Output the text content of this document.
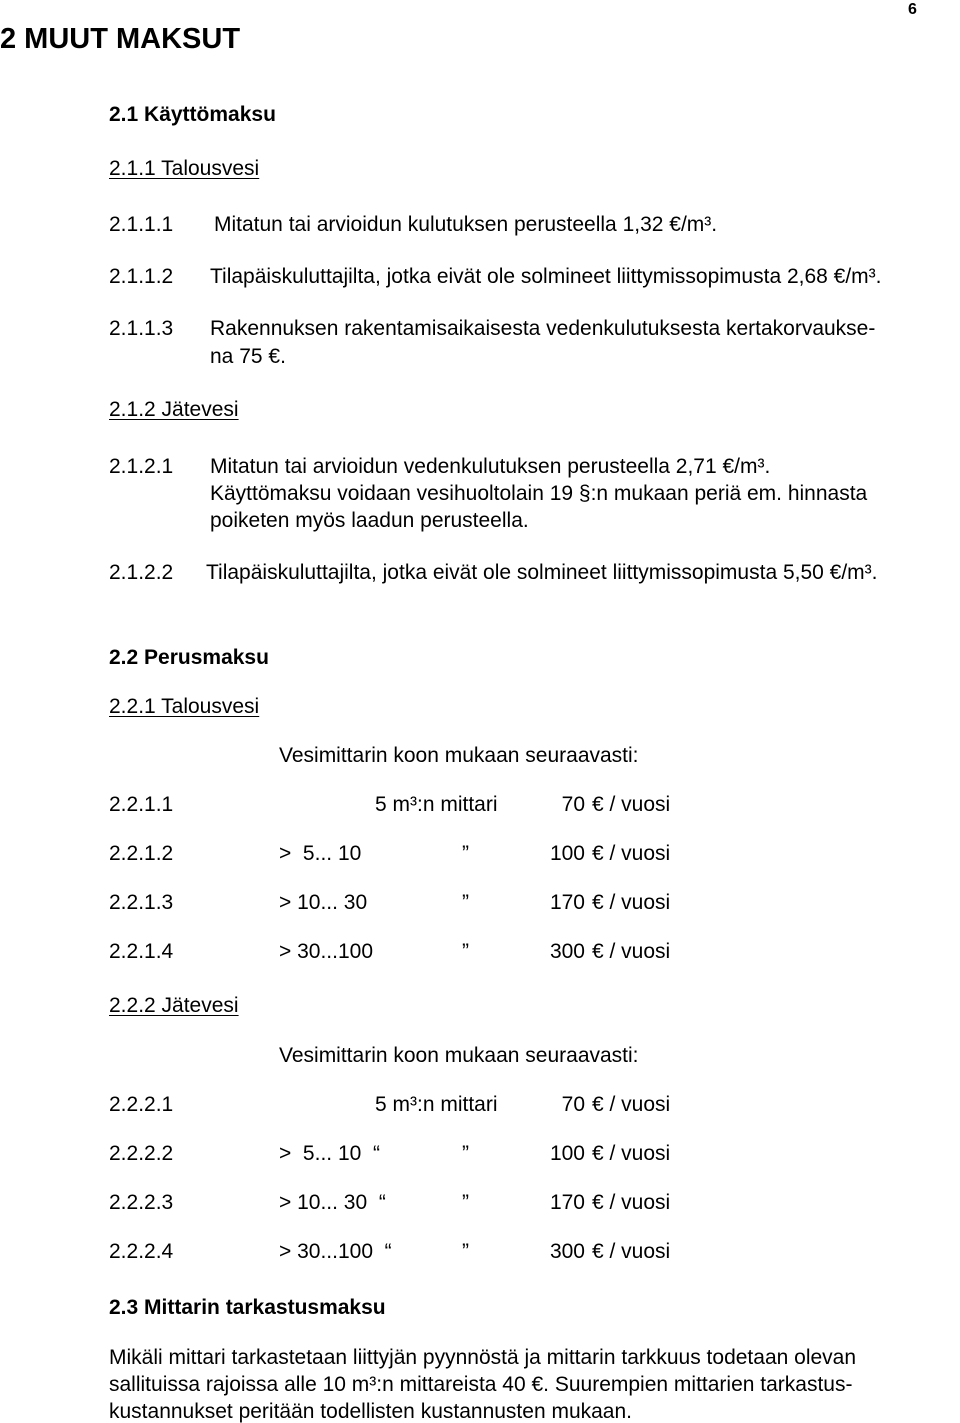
6
2 MUUT MAKSUT
2.1 Käyttömaksu
2.1.1 Talousvesi
2.1.1.1 Mitatun tai arvioidun kulutuksen perusteella 1,32 €/m³.
2.1.1.2 Tilapäiskuluttajilta, jotka eivät ole solmineet liittymissopimusta 2,68 €/m³.
2.1.1.3 Rakennuksen rakentamisaikaisesta vedenkulutuksesta kertakorvaukse-
na 75 €.
2.1.2 Jätevesi
2.1.2.1 Mitatun tai arvioidun vedenkulutuksen perusteella 2,71 €/m³.
Käyttömaksu voidaan vesihuoltolain 19 §:n mukaan periä em. hinnasta
poiketen myös laadun perusteella.
2.1.2.2 Tilapäiskuluttajilta, jotka eivät ole solmineet liittymissopimusta 5,50 €/m³.
2.2 Perusmaksu
2.2.1 Talousvesi
Vesimittarin koon mukaan seuraavasti:
2.2.1.1	5 m³:n mittari	70 € / vuosi
2.2.1.2	>  5... 10	”	100 € / vuosi
2.2.1.3	> 10... 30	”	170 € / vuosi
2.2.1.4	> 30...100	”	300 € / vuosi
2.2.2 Jätevesi
Vesimittarin koon mukaan seuraavasti:
2.2.2.1	5 m³:n mittari	70 € / vuosi
2.2.2.2	>  5... 10  “	”	100 € / vuosi
2.2.2.3	> 10... 30  “	”	170 € / vuosi
2.2.2.4	> 30...100  “	”	300 € / vuosi
2.3 Mittarin tarkastusmaksu
Mikäli mittari tarkastetaan liittyjän pyynnöstä ja mittarin tarkkuus todetaan olevan
sallituissa rajoissa alle 10 m³:n mittareista 40 €. Suurempien mittarien tarkastus-
kustannukset peritään todellisten kustannusten mukaan.
